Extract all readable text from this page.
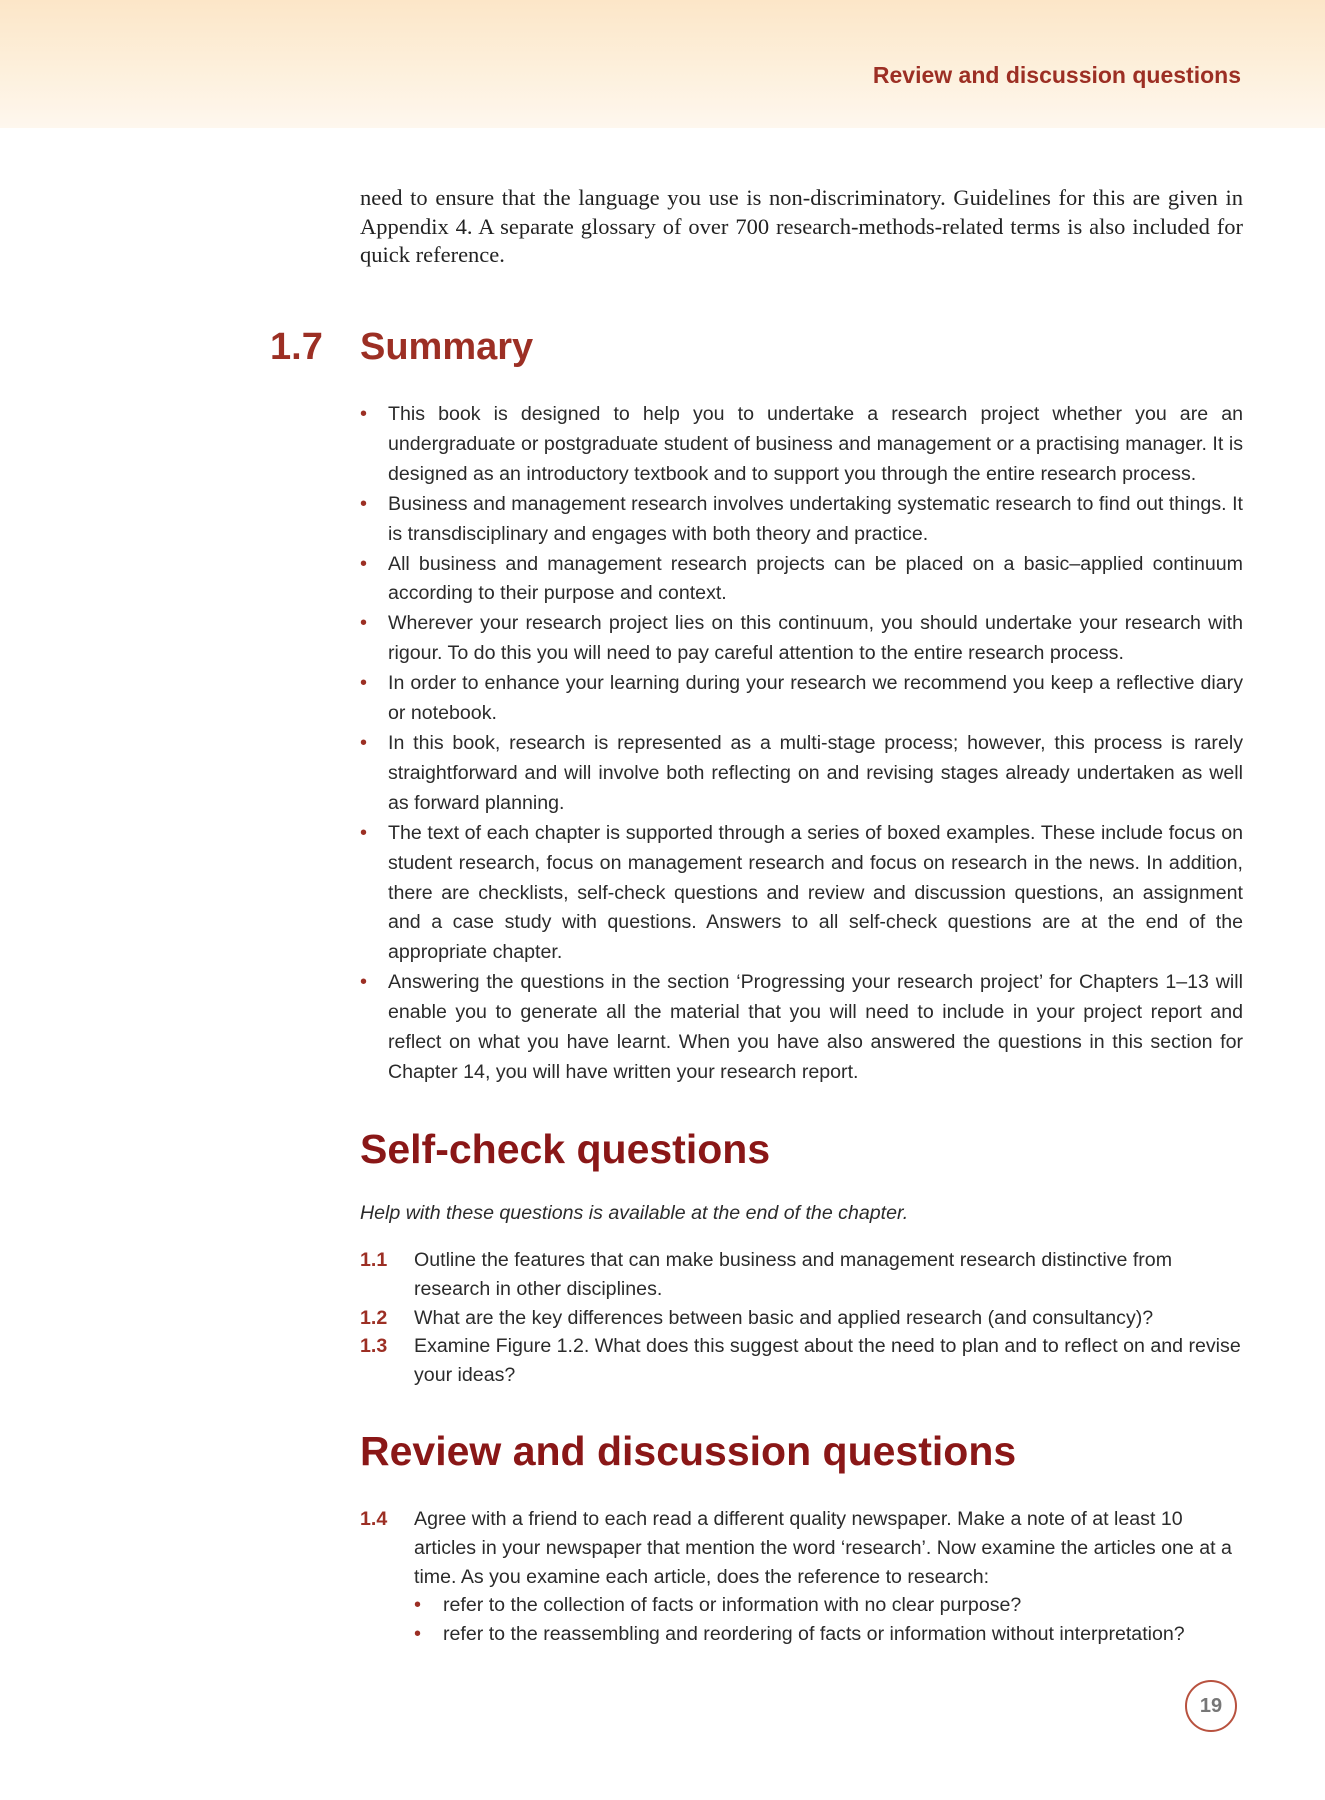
Review and discussion questions

need to ensure that the language you use is non-discriminatory. Guidelines for this are given in Appendix 4. A separate glossary of over 700 research-methods-related terms is also included for quick reference.

1.7 Summary
• This book is designed to help you to undertake a research project whether you are an undergraduate or postgraduate student of business and management or a practising manager. It is designed as an introductory textbook and to support you through the entire research process.
• Business and management research involves undertaking systematic research to find out things. It is transdisciplinary and engages with both theory and practice.
• All business and management research projects can be placed on a basic–applied continuum according to their purpose and context.
• Wherever your research project lies on this continuum, you should undertake your research with rigour. To do this you will need to pay careful attention to the entire research process.
• In order to enhance your learning during your research we recommend you keep a reflective diary or notebook.
• In this book, research is represented as a multi-stage process; however, this process is rarely straightforward and will involve both reflecting on and revising stages already undertaken as well as forward planning.
• The text of each chapter is supported through a series of boxed examples. These include focus on student research, focus on management research and focus on research in the news. In addition, there are checklists, self-check questions and review and discussion questions, an assignment and a case study with questions. Answers to all self-check questions are at the end of the appropriate chapter.
• Answering the questions in the section ‘Progressing your research project’ for Chapters 1–13 will enable you to generate all the material that you will need to include in your project report and reflect on what you have learnt. When you have also answered the questions in this section for Chapter 14, you will have written your research report.
Self-check questions
Help with these questions is available at the end of the chapter.
1.1 Outline the features that can make business and management research distinctive from research in other disciplines.
1.2 What are the key differences between basic and applied research (and consultancy)?
1.3 Examine Figure 1.2. What does this suggest about the need to plan and to reflect on and revise your ideas?
Review and discussion questions
1.4 Agree with a friend to each read a different quality newspaper. Make a note of at least 10 articles in your newspaper that mention the word ‘research’. Now examine the articles one at a time. As you examine each article, does the reference to research:
• refer to the collection of facts or information with no clear purpose?
• refer to the reassembling and reordering of facts or information without interpretation?
19
